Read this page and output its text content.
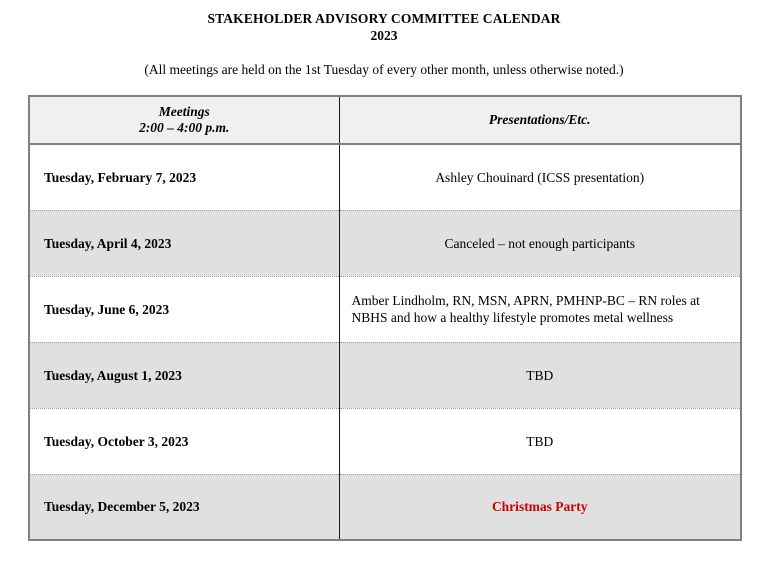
STAKEHOLDER ADVISORY COMMITTEE CALENDAR
2023
(All meetings are held on the 1st Tuesday of every other month, unless otherwise noted.)
Meetings
2:00 – 4:00 p.m.	Presentations/Etc.
Tuesday, February 7, 2023	Ashley Chouinard (ICSS presentation)
Tuesday, April 4, 2023	Canceled – not enough participants
Tuesday, June 6, 2023	Amber Lindholm, RN, MSN, APRN, PMHNP-BC – RN roles at NBHS and how a healthy lifestyle promotes metal wellness
Tuesday, August 1, 2023	TBD
Tuesday, October 3, 2023	TBD
Tuesday, December 5, 2023	Christmas Party
